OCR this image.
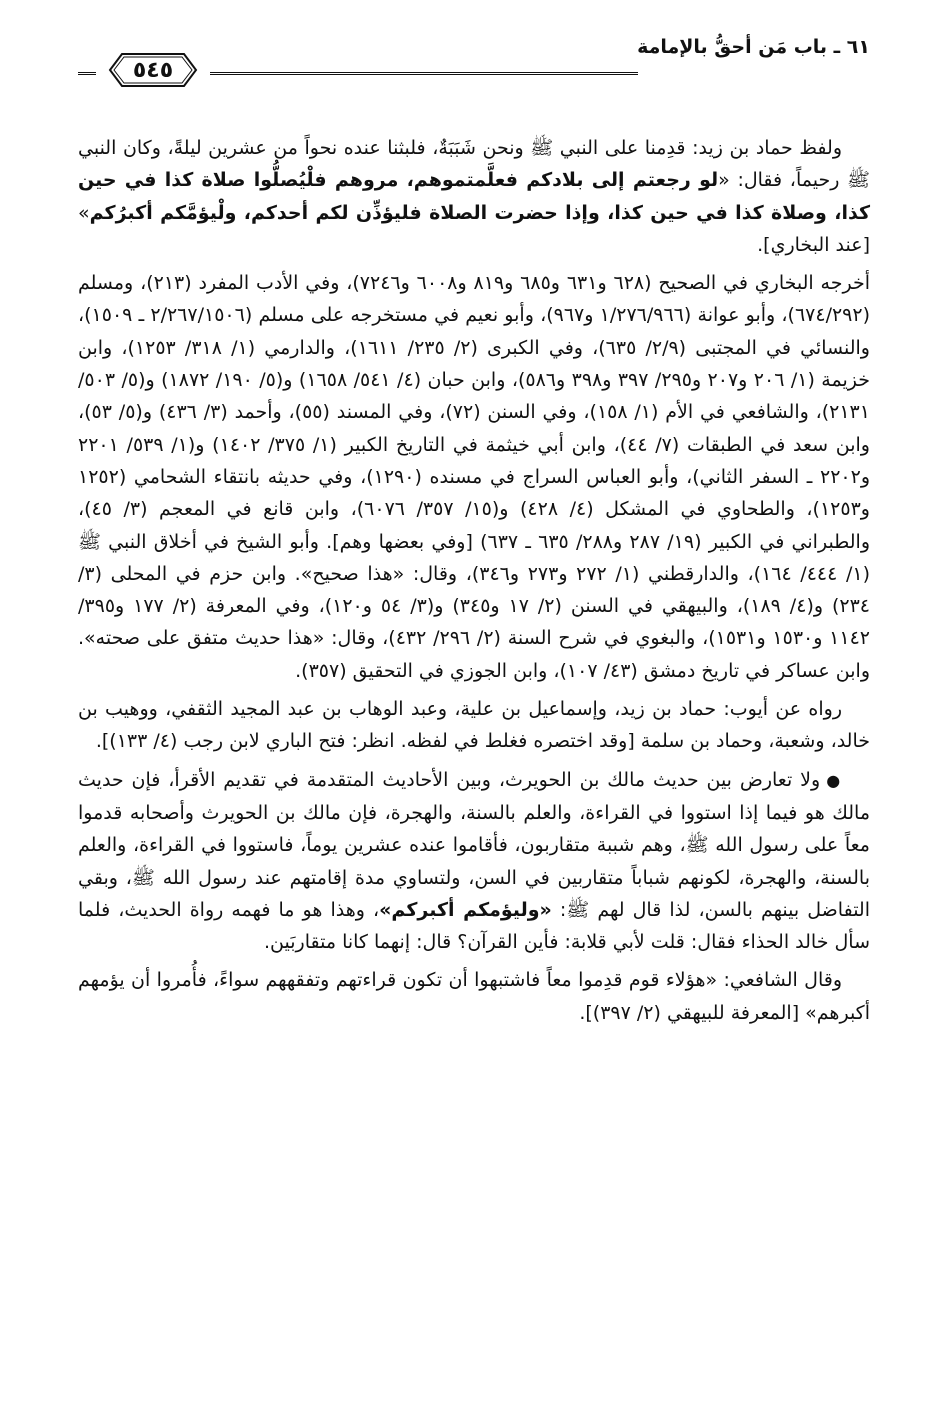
٦١ ـ باب مَن أحقُّ بالإمامة
٥٤٥

ولفظ حماد بن زيد: قدِمنا على النبي ﷺ ونحن شَبَبَةٌ، فلبثنا عنده نحواً من عشرين ليلةً، وكان النبي ﷺ رحيماً، فقال: «لو رجعتم إلى بلادكم فعلَّمتموهم، مروهم فلْيُصلُّوا صلاة كذا في حين كذا، وصلاة كذا في حين كذا، وإذا حضرت الصلاة فليؤذِّن لكم أحدكم، ولْيؤمَّكم أكبرُكم» [عند البخاري].

أخرجه البخاري في الصحيح (٦٢٨ و٦٣١ و٦٨٥ و٨١٩ و٦٠٠٨ و٧٢٤٦)، وفي الأدب المفرد (٢١٣)، ومسلم (٦٧٤/٢٩٢)، وأبو عوانة (١/٢٧٦/٩٦٦ و٩٦٧)، وأبو نعيم في مستخرجه على مسلم (٢/٢٦٧/١٥٠٦ ـ ١٥٠٩)، والنسائي في المجتبى (٢/٩/ ٦٣٥)، وفي الكبرى (٢/ ٢٣٥/ ١٦١١)، والدارمي (١/ ٣١٨/ ١٢٥٣)، وابن خزيمة (١/ ٢٠٦ و٢٠٧ و٢٩٥/ ٣٩٧ و٣٩٨ و٥٨٦)، وابن حبان (٤/ ٥٤١/ ١٦٥٨) و(٥/ ١٩٠/ ١٨٧٢) و(٥/ ٥٠٣/ ٢١٣١)، والشافعي في الأم (١/ ١٥٨)، وفي السنن (٧٢)، وفي المسند (٥٥)، وأحمد (٣/ ٤٣٦) و(٥/ ٥٣)، وابن سعد في الطبقات (٧/ ٤٤)، وابن أبي خيثمة في التاريخ الكبير (١/ ٣٧٥/ ١٤٠٢) و(١/ ٥٣٩/ ٢٢٠١ و٢٢٠٢ ـ السفر الثاني)، وأبو العباس السراج في مسنده (١٢٩٠)، وفي حديثه بانتقاء الشحامي (١٢٥٢ و١٢٥٣)، والطحاوي في المشكل (٤/ ٤٢٨) و(١٥/ ٣٥٧/ ٦٠٧٦)، وابن قانع في المعجم (٣/ ٤٥)، والطبراني في الكبير (١٩/ ٢٨٧ و٢٨٨/ ٦٣٥ ـ ٦٣٧) [وفي بعضها وهم]. وأبو الشيخ في أخلاق النبي ﷺ (١/ ٤٤٤/ ١٦٤)، والدارقطني (١/ ٢٧٢ و٢٧٣ و٣٤٦)، وقال: «هذا صحيح». وابن حزم في المحلى (٣/ ٢٣٤) و(٤/ ١٨٩)، والبيهقي في السنن (٢/ ١٧ و٣٤٥) و(٣/ ٥٤ و١٢٠)، وفي المعرفة (٢/ ١٧٧ و٣٩٥/ ١١٤٢ و١٥٣٠ و١٥٣١)، والبغوي في شرح السنة (٢/ ٢٩٦/ ٤٣٢)، وقال: «هذا حديث متفق على صحته». وابن عساكر في تاريخ دمشق (٤٣/ ١٠٧)، وابن الجوزي في التحقيق (٣٥٧).

رواه عن أيوب: حماد بن زيد، وإسماعيل بن علية، وعبد الوهاب بن عبد المجيد الثقفي، ووهيب بن خالد، وشعبة، وحماد بن سلمة [وقد اختصره فغلط في لفظه. انظر: فتح الباري لابن رجب (٤/ ١٣٣)].

● ولا تعارض بين حديث مالك بن الحويرث، وبين الأحاديث المتقدمة في تقديم الأقرأ، فإن حديث مالك هو فيما إذا استووا في القراءة، والعلم بالسنة، والهجرة، فإن مالك بن الحويرث وأصحابه قدموا معاً على رسول الله ﷺ، وهم شببة متقاربون، فأقاموا عنده عشرين يوماً، فاستووا في القراءة، والعلم بالسنة، والهجرة، لكونهم شباباً متقاربين في السن، ولتساوي مدة إقامتهم عند رسول الله ﷺ، وبقي التفاضل بينهم بالسن، لذا قال لهم ﷺ: «وليؤمكم أكبركم»، وهذا هو ما فهمه رواة الحديث، فلما سأل خالد الحذاء فقال: قلت لأبي قلابة: فأين القرآن؟ قال: إنهما كانا متقاربَين.

وقال الشافعي: «هؤلاء قوم قدِموا معاً فاشتبهوا أن تكون قراءتهم وتفقههم سواءً، فأُمروا أن يؤمهم أكبرهم» [المعرفة للبيهقي (٢/ ٣٩٧)].
